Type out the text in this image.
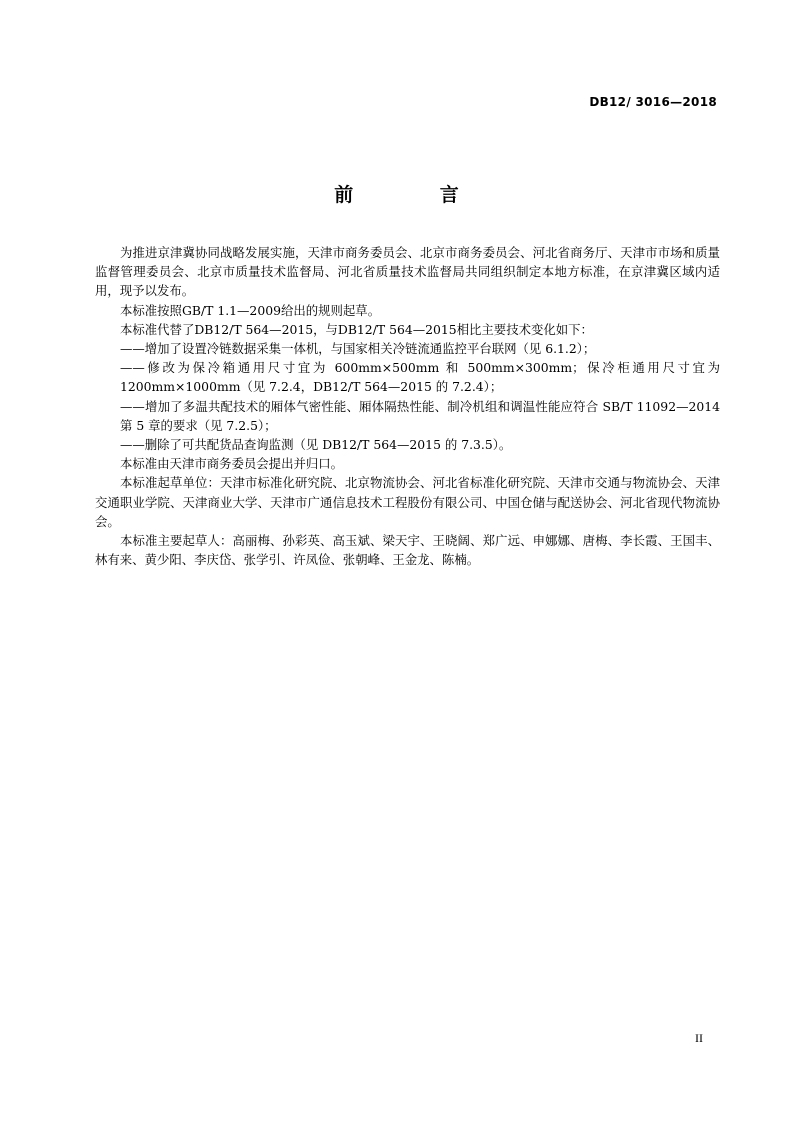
DB12/ 3016—2018
前 言

为推进京津冀协同战略发展实施，天津市商务委员会、北京市商务委员会、河北省商务厅、天津市市场和质量监督管理委员会、北京市质量技术监督局、河北省质量技术监督局共同组织制定本地方标准，在京津冀区域内适用，现予以发布。

本标准按照GB/T 1.1—2009给出的规则起草。

本标准代替了DB12/T 564—2015，与DB12/T 564—2015相比主要技术变化如下：

——增加了设置冷链数据采集一体机，与国家相关冷链流通监控平台联网（见 6.1.2）；

——修改为保冷箱通用尺寸宜为 600mm×500mm 和 500mm×300mm；保冷柜通用尺寸宜为 1200mm×1000mm（见 7.2.4，DB12/T 564—2015 的 7.2.4）；

——增加了多温共配技术的厢体气密性能、厢体隔热性能、制冷机组和调温性能应符合 SB/T 11092—2014 第 5 章的要求（见 7.2.5）；

——删除了可共配货品查询监测（见 DB12/T 564—2015 的 7.3.5）。

本标准由天津市商务委员会提出并归口。

本标准起草单位：天津市标准化研究院、北京物流协会、河北省标准化研究院、天津市交通与物流协会、天津交通职业学院、天津商业大学、天津市广通信息技术工程股份有限公司、中国仓储与配送协会、河北省现代物流协会。

本标准主要起草人：高丽梅、孙彩英、高玉斌、梁天宇、王晓阔、郑广远、申娜娜、唐梅、李长霞、王国丰、林有来、黄少阳、李庆岱、张学引、许凤俭、张朝峰、王金龙、陈楠。

II
